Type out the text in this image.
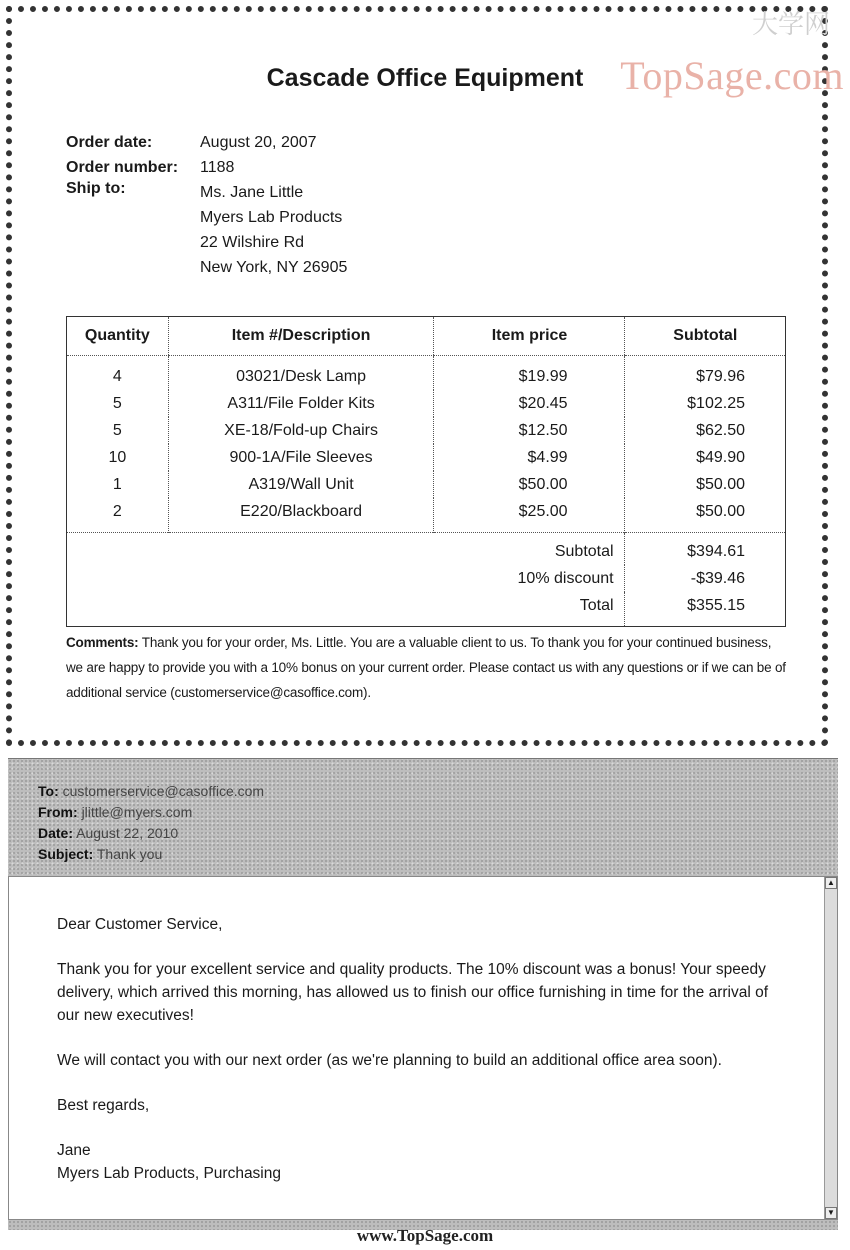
大学网
TopSage.com
Cascade Office Equipment
Order date:	August 20, 2007
Order number:	1188
Ship to:	Ms. Jane Little
Myers Lab Products
22 Wilshire Rd
New York, NY 26905
Quantity	Item #/Description	Item price	Subtotal
4	03021/Desk Lamp	$19.99	$79.96
5	A311/File Folder Kits	$20.45	$102.25
5	XE-18/Fold-up Chairs	$12.50	$62.50
10	900-1A/File Sleeves	$4.99	$49.90
1	A319/Wall Unit	$50.00	$50.00
2	E220/Blackboard	$25.00	$50.00
Subtotal			$394.61
10% discount			-$39.46
Total			$355.15
Comments: Thank you for your order, Ms. Little. You are a valuable client to us. To thank you for your continued business, we are happy to provide you with a 10% bonus on your current order. Please contact us with any questions or if we can be of additional service (customerservice@casoffice.com).
To: customerservice@casoffice.com
From: jlittle@myers.com
Date: August 22, 2010
Subject: Thank you

Dear Customer Service,

Thank you for your excellent service and quality products. The 10% discount was a bonus! Your speedy delivery, which arrived this morning, has allowed us to finish our office furnishing in time for the arrival of our new executives!

We will contact you with our next order (as we're planning to build an additional office area soon).

Best regards,

Jane
Myers Lab Products, Purchasing
▲
▼
www.TopSage.com
